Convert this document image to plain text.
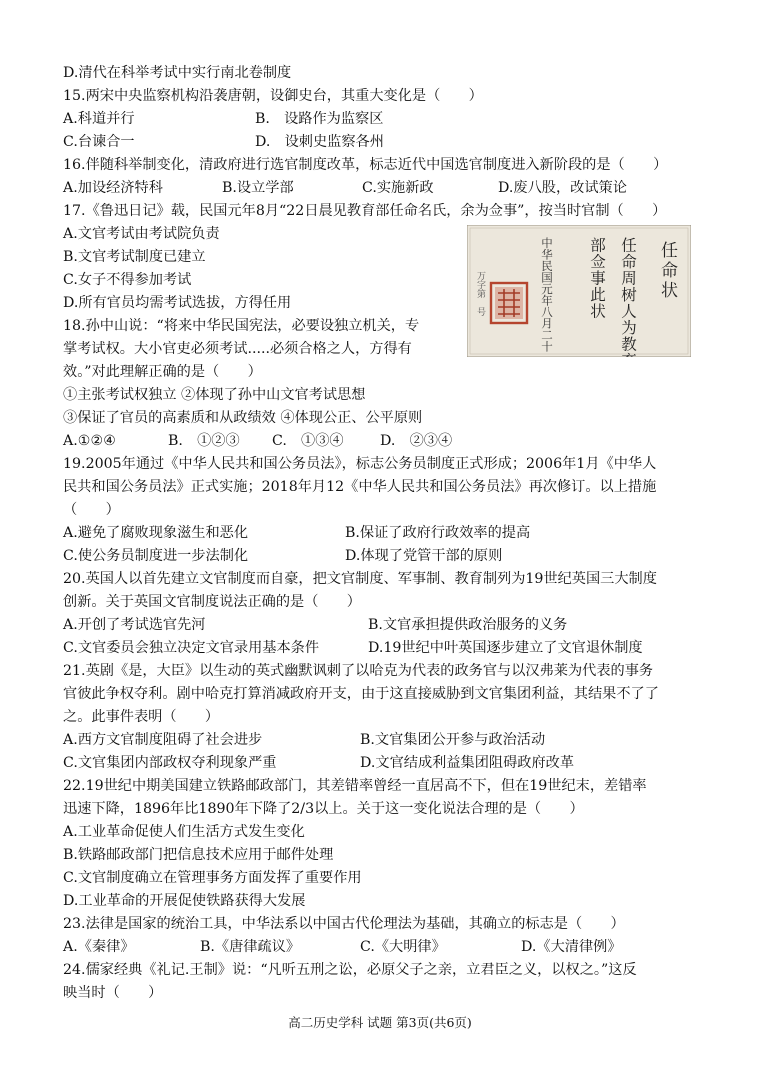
D.清代在科举考试中实行南北卷制度
15.两宋中央监察机构沿袭唐朝，设御史台，其重大变化是（　　）
A.科道并行	B.　设路作为监察区
C.台谏合一	D.　设刺史监察各州
16.伴随科举制变化，清政府进行选官制度改革，标志近代中国选官制度进入新阶段的是（　　）
A.加设经济特科	B.设立学部	C.实施新政	D.废八股，改试策论
17.《鲁迅日记》载，民国元年8月“22日晨见教育部任命名氏，余为佥事”，按当时官制（　　）
A.文官考试由考试院负责
B.文官考试制度已建立
C.女子不得参加考试
D.所有官员均需考试选拔，方得任用
任命状
任命周树人为教育
部佥事此状
中华民国元年八月二十
万字第　号
18.孙中山说：“将来中华民国宪法，必要设独立机关，专
掌考试权。大小官吏必须考试.....必须合格之人，方得有
效。”对此理解正确的是（　　）
①主张考试权独立 ②体现了孙中山文官考试思想
③保证了官员的高素质和从政绩效 ④体现公正、公平原则
A.①②④	B.　①②③ C.　①③④	D.　②③④
19.2005年通过《中华人民共和国公务员法》，标志公务员制度正式形成；2006年1月《中华人
民共和国公务员法》正式实施；2018年月12《中华人民共和国公务员法》再次修订。以上措施
（　　）
A.避免了腐败现象滋生和恶化	B.保证了政府行政效率的提高
C.使公务员制度进一步法制化	D.体现了党管干部的原则
20.英国人以首先建立文官制度而自豪，把文官制度、军事制、教育制列为19世纪英国三大制度
创新。关于英国文官制度说法正确的是（　　）
A.开创了考试选官先河	B.文官承担提供政治服务的义务
C.文官委员会独立决定文官录用基本条件	D.19世纪中叶英国逐步建立了文官退休制度
21.英剧《是，大臣》以生动的英式幽默讽刺了以哈克为代表的政务官与以汉弗莱为代表的事务
官彼此争权夺利。剧中哈克打算消减政府开支，由于这直接威胁到文官集团利益，其结果不了了
之。此事件表明（　　）
A.西方文官制度阻碍了社会进步	B.文官集团公开参与政治活动
C.文官集团内部政权夺利现象严重	D.文官结成利益集团阻碍政府改革
22.19世纪中期美国建立铁路邮政部门，其差错率曾经一直居高不下，但在19世纪末，差错率
迅速下降，1896年比1890年下降了2/3以上。关于这一变化说法合理的是（　　）
A.工业革命促使人们生活方式发生变化
B.铁路邮政部门把信息技术应用于邮件处理
C.文官制度确立在管理事务方面发挥了重要作用
D.工业革命的开展促使铁路获得大发展
23.法律是国家的统治工具，中华法系以中国古代伦理法为基础，其确立的标志是（　　）
A.《秦律》	B.《唐律疏议》	C.《大明律》	D.《大清律例》
24.儒家经典《礼记.王制》说：“凡听五刑之讼，必原父子之亲，立君臣之义，以权之。”这反
映当时（　　）
高二历史学科 试题 第3页(共6页)
